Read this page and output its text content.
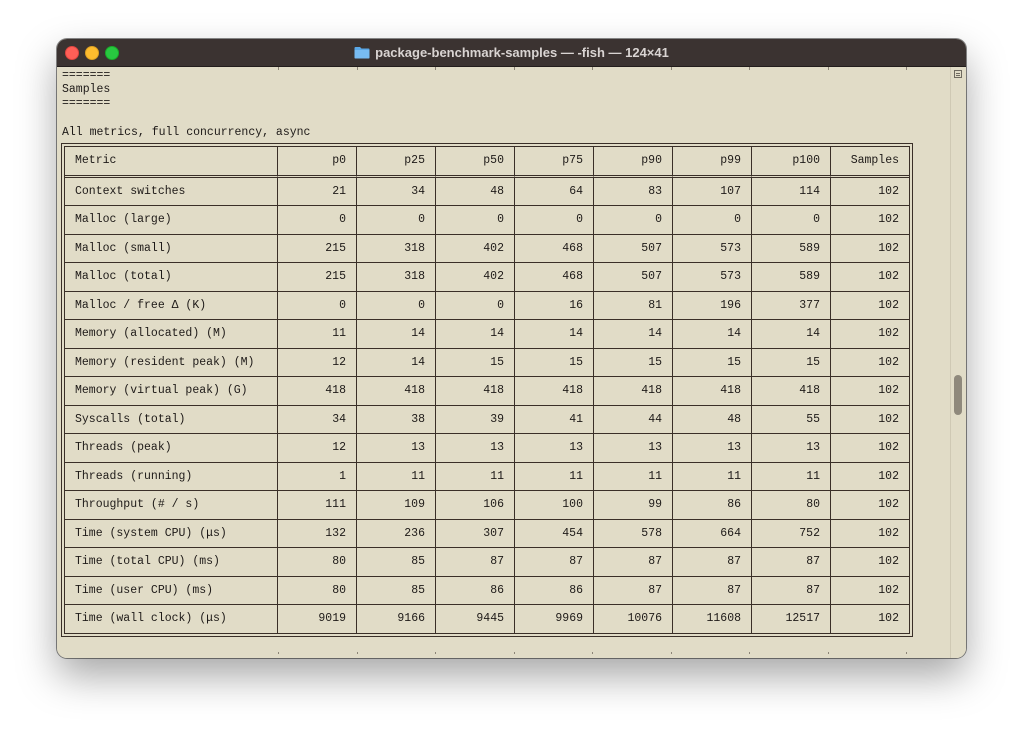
package-benchmark-samples — -fish — 124×41
=======
Samples
=======
All metrics, full concurrency, async
Metric	p0	p25	p50	p75	p90	p99	p100	Samples
Context switches	21	34	48	64	83	107	114	102
Malloc (large)	0	0	0	0	0	0	0	102
Malloc (small)	215	318	402	468	507	573	589	102
Malloc (total)	215	318	402	468	507	573	589	102
Malloc / free Δ (K)	0	0	0	16	81	196	377	102
Memory (allocated) (M)	11	14	14	14	14	14	14	102
Memory (resident peak) (M)	12	14	15	15	15	15	15	102
Memory (virtual peak) (G)	418	418	418	418	418	418	418	102
Syscalls (total)	34	38	39	41	44	48	55	102
Threads (peak)	12	13	13	13	13	13	13	102
Threads (running)	1	11	11	11	11	11	11	102
Throughput (# / s)	111	109	106	100	99	86	80	102
Time (system CPU) (μs)	132	236	307	454	578	664	752	102
Time (total CPU) (ms)	80	85	87	87	87	87	87	102
Time (user CPU) (ms)	80	85	86	86	87	87	87	102
Time (wall clock) (μs)	9019	9166	9445	9969	10076	11608	12517	102
